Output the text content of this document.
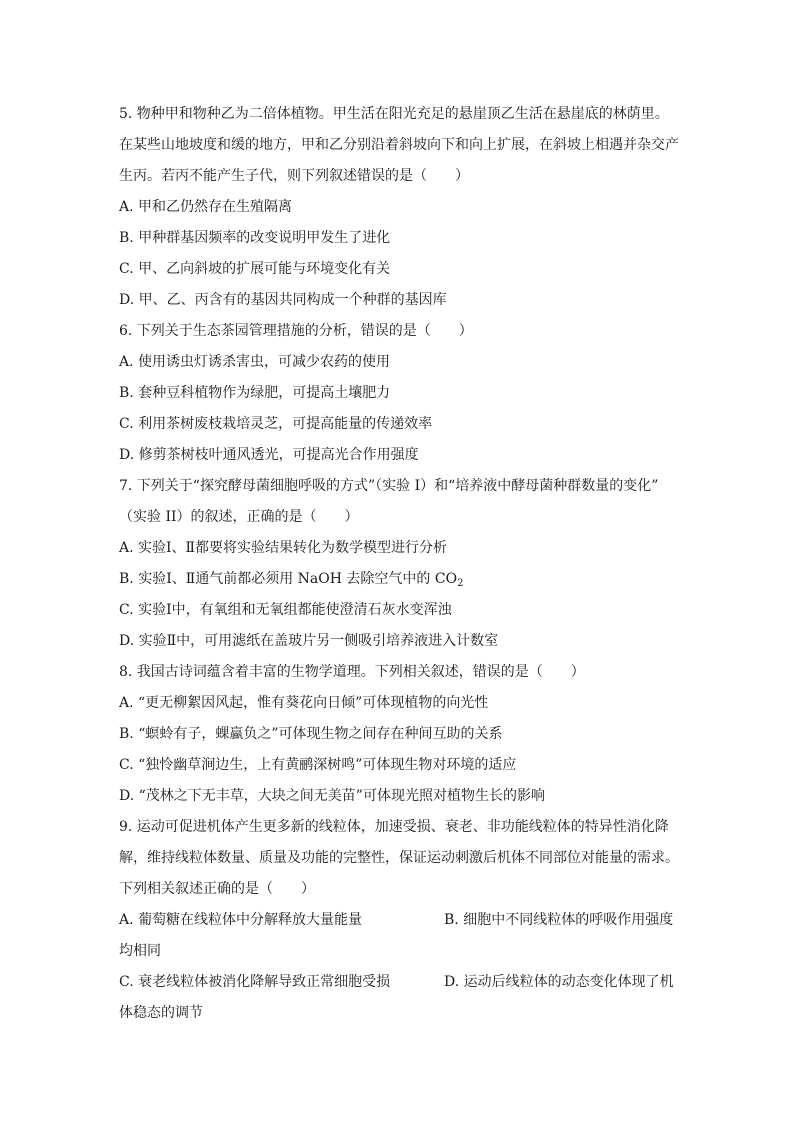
5. 物种甲和物种乙为二倍体植物。甲生活在阳光充足的悬崖顶乙生活在悬崖底的林荫里。
在某些山地坡度和缓的地方，甲和乙分别沿着斜坡向下和向上扩展，在斜坡上相遇并杂交产
生丙。若丙不能产生子代，则下列叙述错误的是（　　）
A. 甲和乙仍然存在生殖隔离
B. 甲种群基因频率的改变说明甲发生了进化
C. 甲、乙向斜坡的扩展可能与环境变化有关
D. 甲、乙、丙含有的基因共同构成一个种群的基因库
6. 下列关于生态茶园管理措施的分析，错误的是（　　）
A. 使用诱虫灯诱杀害虫，可减少农药的使用
B. 套种豆科植物作为绿肥，可提高土壤肥力
C. 利用茶树废枝栽培灵芝，可提高能量的传递效率
D. 修剪茶树枝叶通风透光，可提高光合作用强度
7. 下列关于“探究酵母菌细胞呼吸的方式”（实验 I）和“培养液中酵母菌种群数量的变化”
（实验 II）的叙述，正确的是（　　）
A. 实验Ⅰ、Ⅱ都要将实验结果转化为数学模型进行分析
B. 实验Ⅰ、Ⅱ通气前都必须用 NaOH 去除空气中的 $CO_2$
C. 实验Ⅰ中，有氧组和无氧组都能使澄清石灰水变浑浊
D. 实验Ⅱ中，可用滤纸在盖玻片另一侧吸引培养液进入计数室
8. 我国古诗词蕴含着丰富的生物学道理。下列相关叙述，错误的是（　　）
A. “更无柳絮因风起，惟有葵花向日倾”可体现植物的向光性
B. “螟蛉有子，蜾蠃负之”可体现生物之间存在种间互助的关系
C. “独怜幽草涧边生，上有黄鹂深树鸣”可体现生物对环境的适应
D. “茂林之下无丰草，大块之间无美苗”可体现光照对植物生长的影响
9. 运动可促进机体产生更多新的线粒体，加速受损、衰老、非功能线粒体的特异性消化降
解，维持线粒体数量、质量及功能的完整性，保证运动刺激后机体不同部位对能量的需求。
下列相关叙述正确的是（　　）
A. 葡萄糖在线粒体中分解释放大量能量	B. 细胞中不同线粒体的呼吸作用强度
均相同
C. 衰老线粒体被消化降解导致正常细胞受损	D. 运动后线粒体的动态变化体现了机
体稳态的调节
